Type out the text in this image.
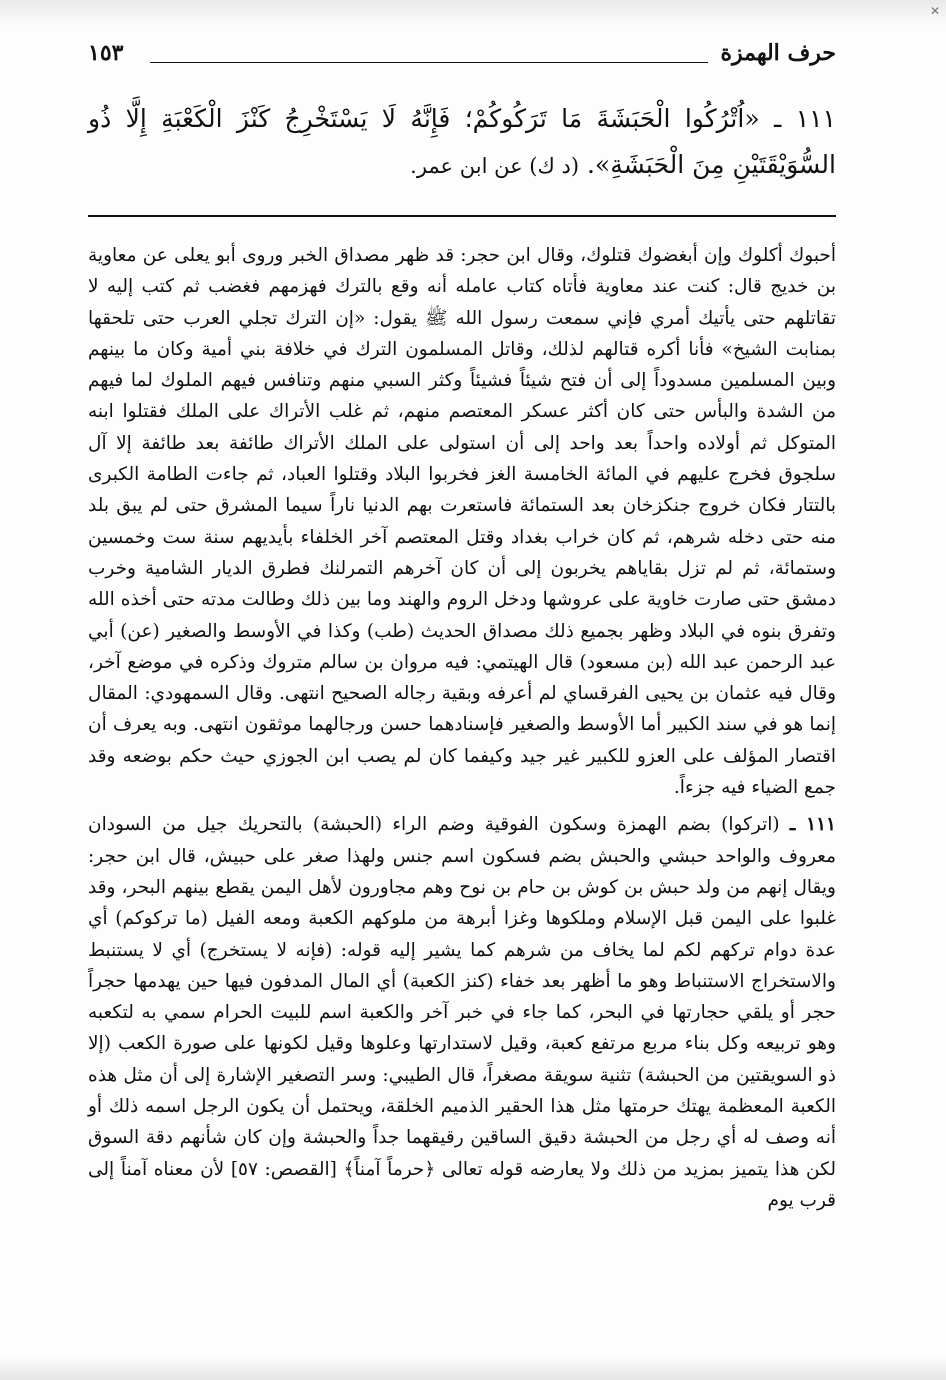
✕
حرف الهمزة
١٥٣
١١١ ـ «اُتْرُكُوا الْحَبَشَةَ مَا تَرَكُوكُمْ؛ فَإِنَّهُ لَا يَسْتَخْرِجُ كَنْزَ الْكَعْبَةِ إِلَّا ذُو السُّوَيْقَتَيْنِ مِنَ الْحَبَشَةِ». (د ك) عن ابن عمر.

أحبوك أكلوك وإن أبغضوك قتلوك، وقال ابن حجر: قد ظهر مصداق الخبر وروى أبو يعلى عن معاوية بن خديج قال: كنت عند معاوية فأتاه كتاب عامله أنه وقع بالترك فهزمهم فغضب ثم كتب إليه لا تقاتلهم حتى يأتيك أمري فإني سمعت رسول الله ﷺ يقول: «إن الترك تجلي العرب حتى تلحقها بمنابت الشيخ» فأنا أكره قتالهم لذلك، وقاتل المسلمون الترك في خلافة بني أمية وكان ما بينهم وبين المسلمين مسدوداً إلى أن فتح شيئاً فشيئاً وكثر السبي منهم وتنافس فيهم الملوك لما فيهم من الشدة والبأس حتى كان أكثر عسكر المعتصم منهم، ثم غلب الأتراك على الملك فقتلوا ابنه المتوكل ثم أولاده واحداً بعد واحد إلى أن استولى على الملك الأتراك طائفة بعد طائفة إلا آل سلجوق فخرج عليهم في المائة الخامسة الغز فخربوا البلاد وقتلوا العباد، ثم جاءت الطامة الكبرى بالتتار فكان خروج جنكزخان بعد الستمائة فاستعرت بهم الدنيا ناراً سيما المشرق حتى لم يبق بلد منه حتى دخله شرهم، ثم كان خراب بغداد وقتل المعتصم آخر الخلفاء بأيديهم سنة ست وخمسين وستمائة، ثم لم تزل بقاياهم يخربون إلى أن كان آخرهم التمرلنك فطرق الديار الشامية وخرب دمشق حتى صارت خاوية على عروشها ودخل الروم والهند وما بين ذلك وطالت مدته حتى أخذه الله وتفرق بنوه في البلاد وظهر بجميع ذلك مصداق الحديث (طب) وكذا في الأوسط والصغير (عن) أبي عبد الرحمن عبد الله (بن مسعود) قال الهيتمي: فيه مروان بن سالم متروك وذكره في موضع آخر، وقال فيه عثمان بن يحيى الفرقساي لم أعرفه وبقية رجاله الصحيح انتهى. وقال السمهودي: المقال إنما هو في سند الكبير أما الأوسط والصغير فإسنادهما حسن ورجالهما موثقون انتهى. وبه يعرف أن اقتصار المؤلف على العزو للكبير غير جيد وكيفما كان لم يصب ابن الجوزي حيث حكم بوضعه وقد جمع الضياء فيه جزءاً.

١١١ ـ (اتركوا) بضم الهمزة وسكون الفوقية وضم الراء (الحبشة) بالتحريك جيل من السودان معروف والواحد حبشي والحبش بضم فسكون اسم جنس ولهذا صغر على حبيش، قال ابن حجر: ويقال إنهم من ولد حبش بن كوش بن حام بن نوح وهم مجاورون لأهل اليمن يقطع بينهم البحر، وقد غلبوا على اليمن قبل الإسلام وملكوها وغزا أبرهة من ملوكهم الكعبة ومعه الفيل (ما تركوكم) أي عدة دوام تركهم لكم لما يخاف من شرهم كما يشير إليه قوله: (فإنه لا يستخرج) أي لا يستنبط والاستخراج الاستنباط وهو ما أظهر بعد خفاء (كنز الكعبة) أي المال المدفون فيها حين يهدمها حجراً حجر أو يلقي حجارتها في البحر، كما جاء في خبر آخر والكعبة اسم للبيت الحرام سمي به لتكعبه وهو تربيعه وكل بناء مربع مرتفع كعبة، وقيل لاستدارتها وعلوها وقيل لكونها على صورة الكعب (إلا ذو السويقتين من الحبشة) تثنية سويقة مصغراً، قال الطيبي: وسر التصغير الإشارة إلى أن مثل هذه الكعبة المعظمة يهتك حرمتها مثل هذا الحقير الذميم الخلقة، ويحتمل أن يكون الرجل اسمه ذلك أو أنه وصف له أي رجل من الحبشة دقيق الساقين رقيقهما جداً والحبشة وإن كان شأنهم دقة السوق لكن هذا يتميز بمزيد من ذلك ولا يعارضه قوله تعالى ﴿حرماً آمناً﴾ [القصص: ٥٧] لأن معناه آمناً إلى قرب يوم
